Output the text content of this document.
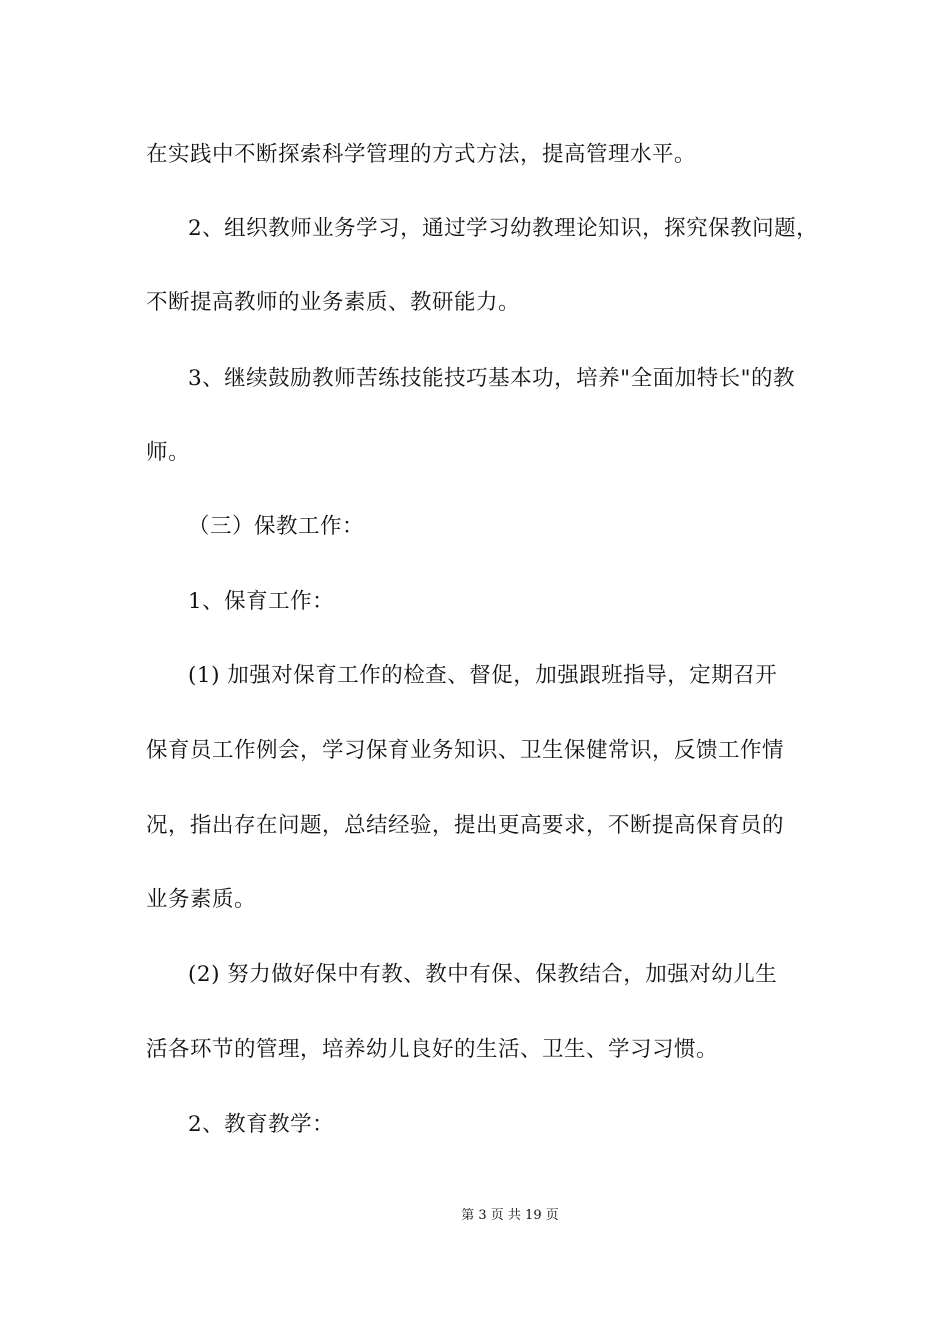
在实践中不断探索科学管理的方式方法，提高管理水平。
2、组织教师业务学习，通过学习幼教理论知识，探究保教问题，
不断提高教师的业务素质、教研能力。
3、继续鼓励教师苦练技能技巧基本功，培养"全面加特长"的教
师。
（三）保教工作：
1、保育工作：
(1) 加强对保育工作的检查、督促，加强跟班指导，定期召开
保育员工作例会，学习保育业务知识、卫生保健常识，反馈工作情
况，指出存在问题，总结经验，提出更高要求，不断提高保育员的
业务素质。
(2) 努力做好保中有教、教中有保、保教结合，加强对幼儿生
活各环节的管理，培养幼儿良好的生活、卫生、学习习惯。
2、教育教学：
第 3 页 共 19 页
